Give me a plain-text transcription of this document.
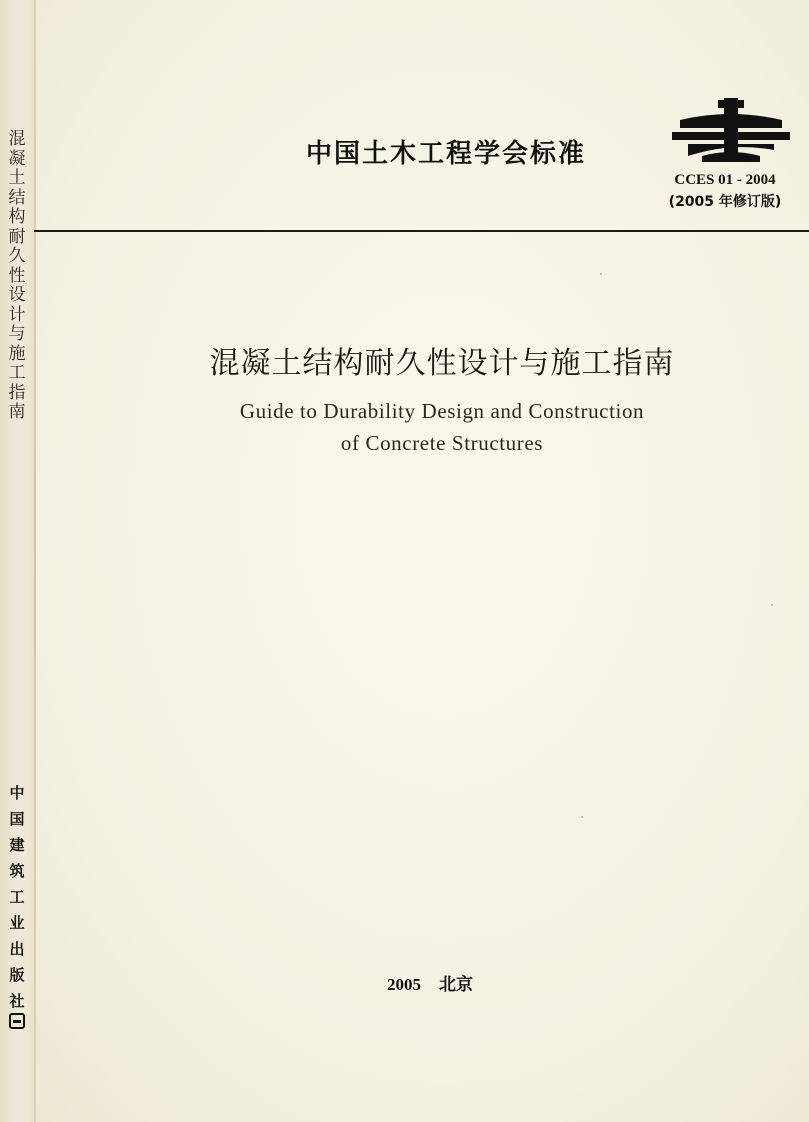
混凝土结构耐久性设计与施工指南
中国建筑工业出版社
中国土木工程学会标准
CCES 01 - 2004
(2005 年修订版)
混凝土结构耐久性设计与施工指南
Guide to Durability Design and Construction
of Concrete Structures
2005 北京
